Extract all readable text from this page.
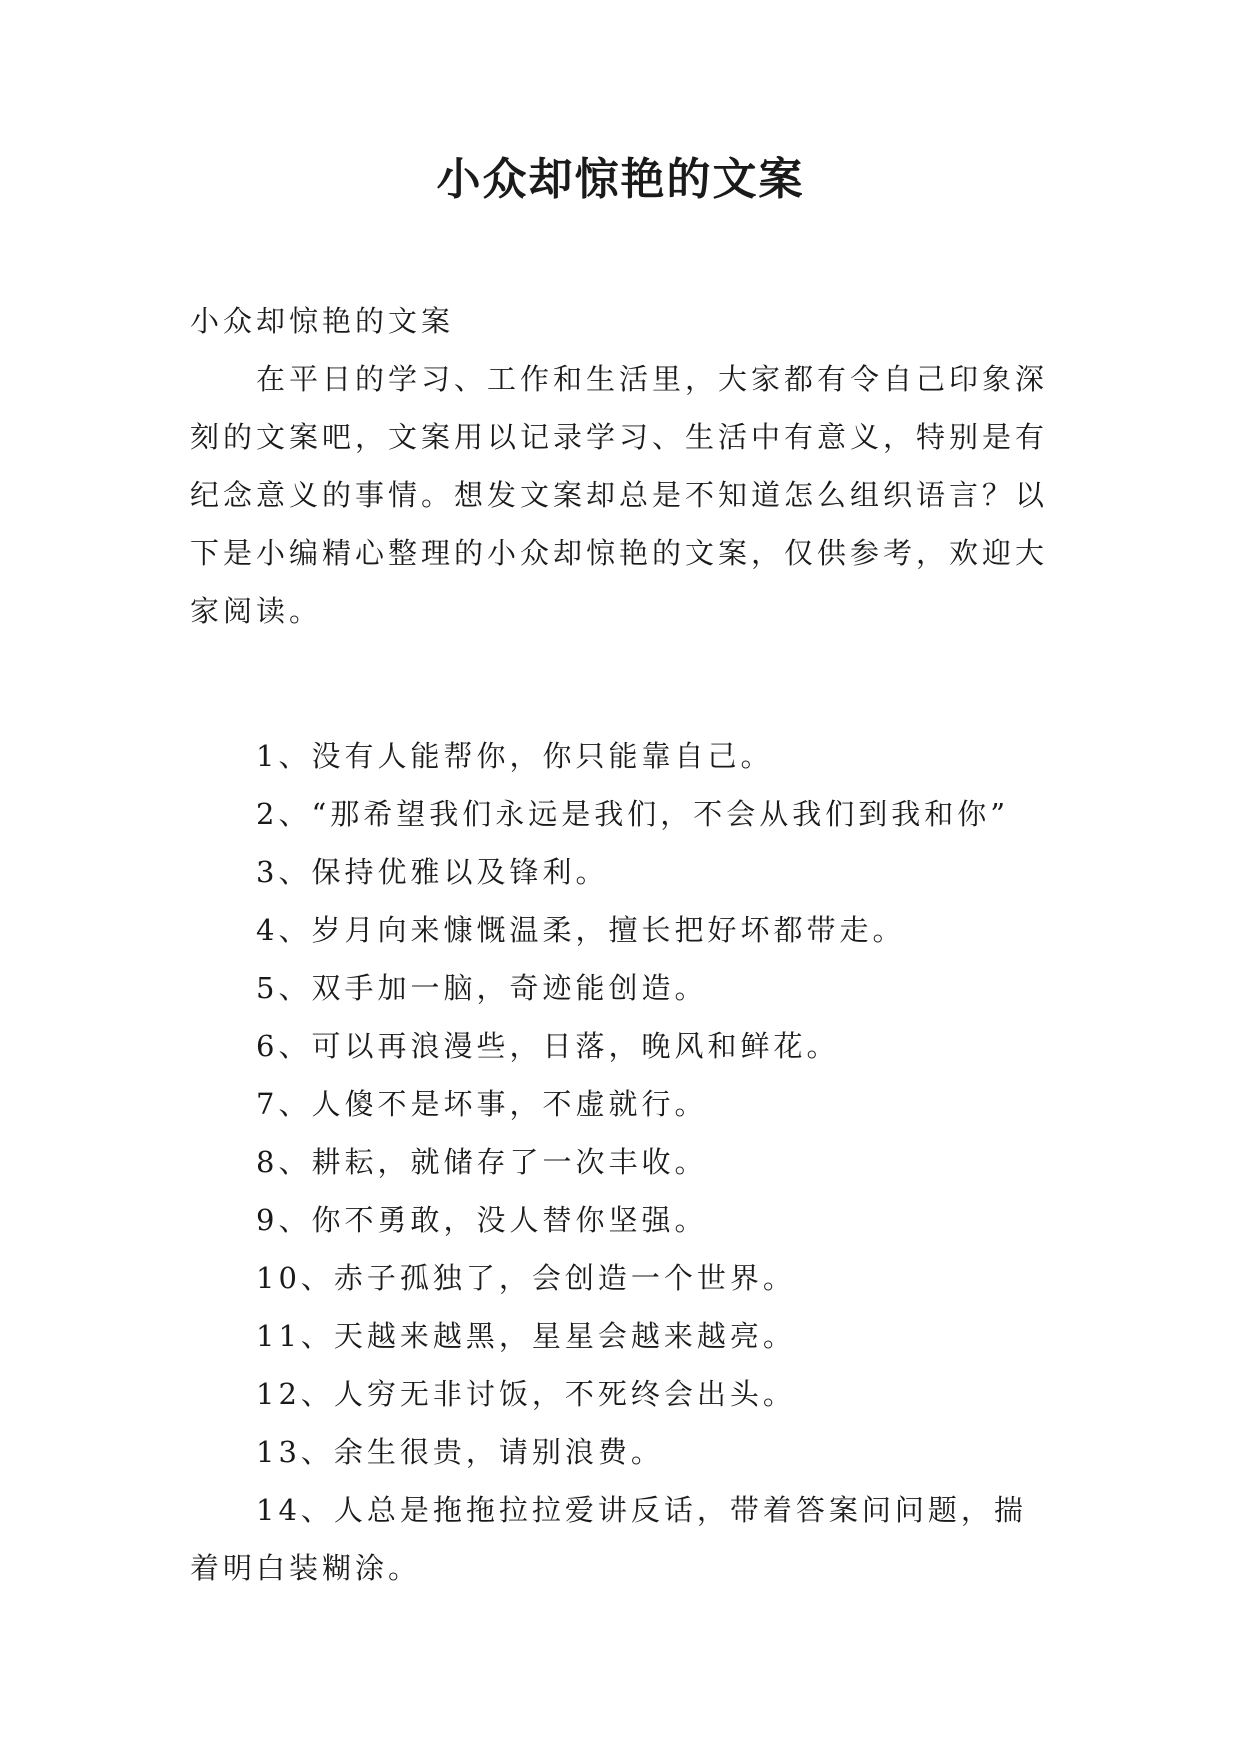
小众却惊艳的文案

小众却惊艳的文案

在平日的学习、工作和生活里，大家都有令自己印象深刻的文案吧，文案用以记录学习、生活中有意义，特别是有纪念意义的事情。想发文案却总是不知道怎么组织语言？以下是小编精心整理的小众却惊艳的文案，仅供参考，欢迎大家阅读。

1、没有人能帮你，你只能靠自己。

2、“那希望我们永远是我们，不会从我们到我和你”

3、保持优雅以及锋利。

4、岁月向来慷慨温柔，擅长把好坏都带走。

5、双手加一脑，奇迹能创造。

6、可以再浪漫些，日落，晚风和鲜花。

7、人傻不是坏事，不虚就行。

8、耕耘，就储存了一次丰收。

9、你不勇敢，没人替你坚强。

10、赤子孤独了，会创造一个世界。

11、天越来越黑，星星会越来越亮。

12、人穷无非讨饭，不死终会出头。

13、余生很贵，请别浪费。

14、人总是拖拖拉拉爱讲反话，带着答案问问题，揣着明白装糊涂。
